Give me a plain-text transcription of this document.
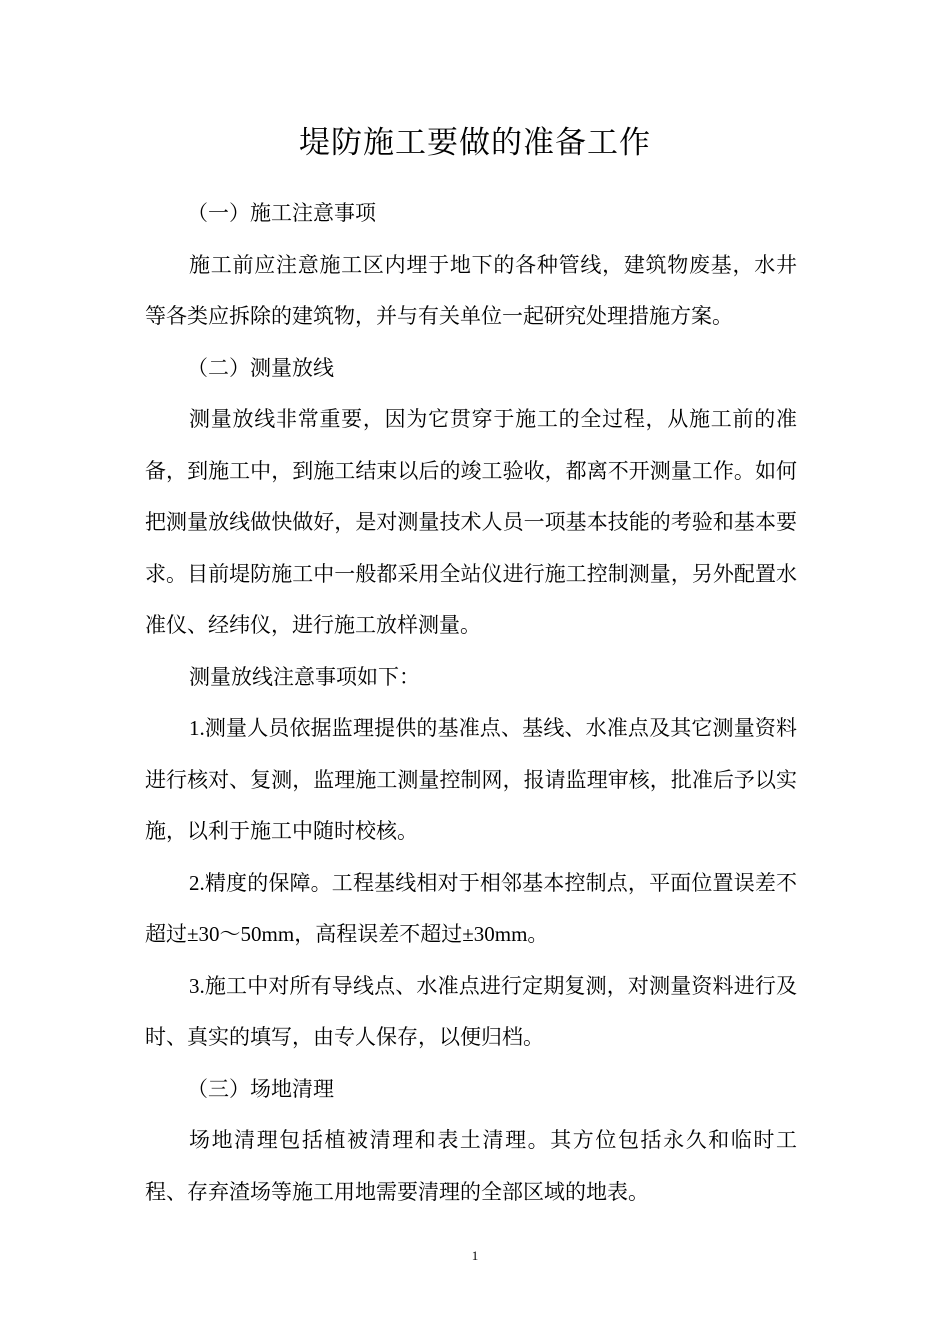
堤防施工要做的准备工作

（一）施工注意事项

施工前应注意施工区内埋于地下的各种管线，建筑物废基，水井等各类应拆除的建筑物，并与有关单位一起研究处理措施方案。

（二）测量放线

测量放线非常重要，因为它贯穿于施工的全过程，从施工前的准备，到施工中，到施工结束以后的竣工验收，都离不开测量工作。如何把测量放线做快做好，是对测量技术人员一项基本技能的考验和基本要求。目前堤防施工中一般都采用全站仪进行施工控制测量，另外配置水准仪、经纬仪，进行施工放样测量。

测量放线注意事项如下：

1.测量人员依据监理提供的基准点、基线、水准点及其它测量资料进行核对、复测，监理施工测量控制网，报请监理审核，批准后予以实施，以利于施工中随时校核。

2.精度的保障。工程基线相对于相邻基本控制点，平面位置误差不超过±30～50mm，高程误差不超过±30mm。

3.施工中对所有导线点、水准点进行定期复测，对测量资料进行及时、真实的填写，由专人保存，以便归档。

（三）场地清理

场地清理包括植被清理和表土清理。其方位包括永久和临时工程、存弃渣场等施工用地需要清理的全部区域的地表。

1
